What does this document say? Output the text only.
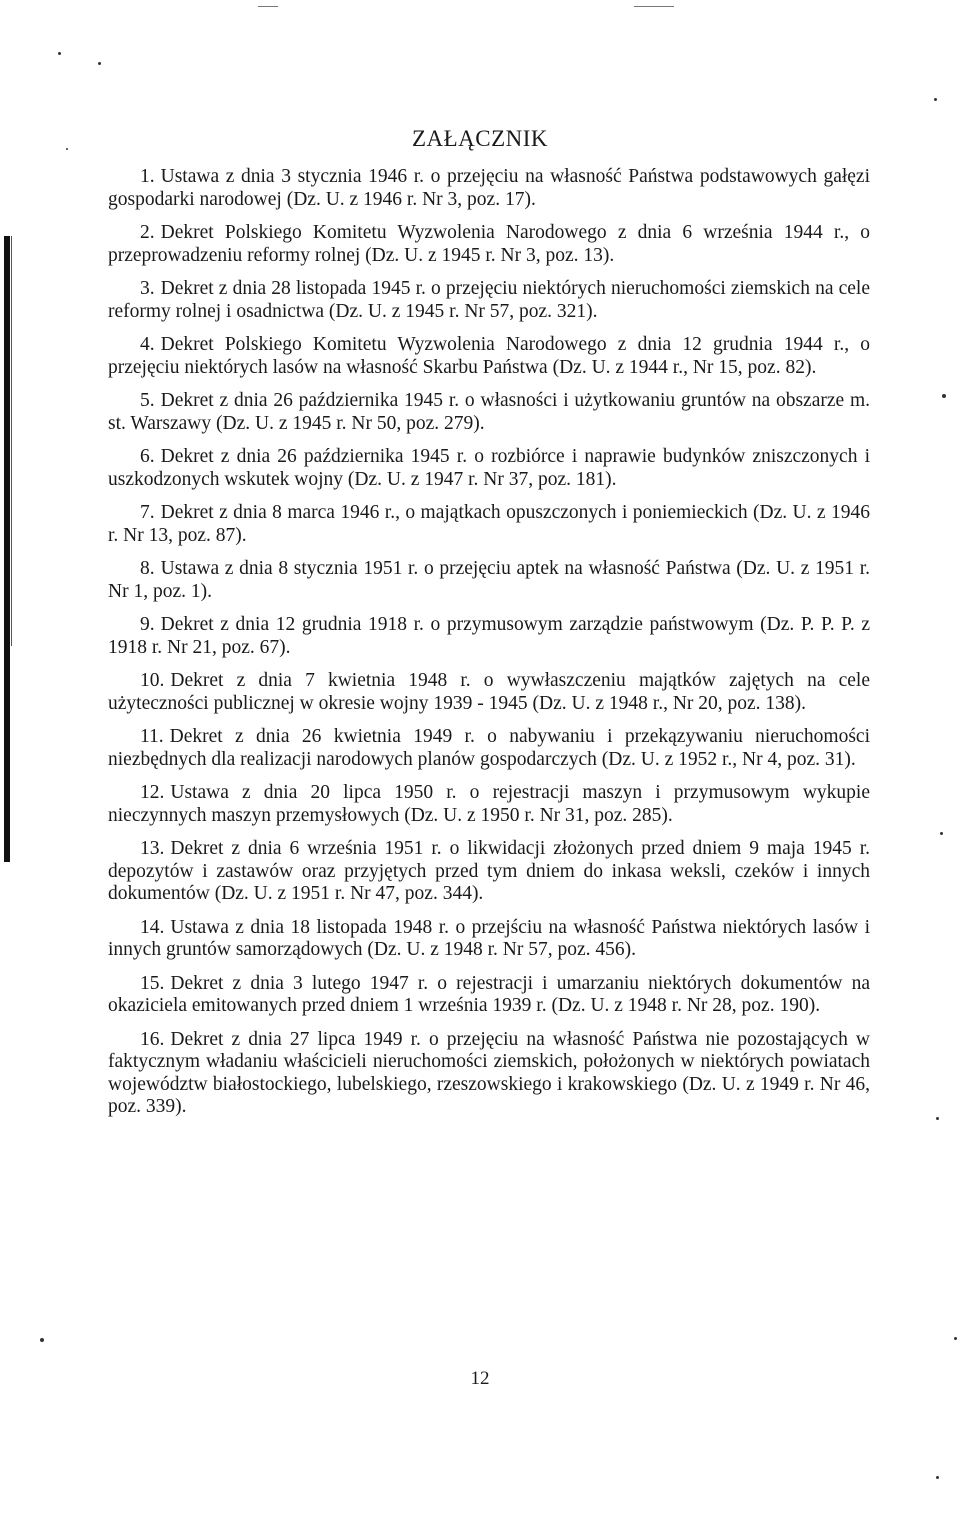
ZAŁĄCZNIK

1. Ustawa z dnia 3 stycznia 1946 r. o przejęciu na własność Państwa podstawowych gałęzi gospodarki narodowej (Dz. U. z 1946 r. Nr 3, poz. 17).

2. Dekret Polskiego Komitetu Wyzwolenia Narodowego z dnia 6 września 1944 r., o przeprowadzeniu reformy rolnej (Dz. U. z 1945 r. Nr 3, poz. 13).

3. Dekret z dnia 28 listopada 1945 r. o przejęciu niektórych nieruchomości ziemskich na cele reformy rolnej i osadnictwa (Dz. U. z 1945 r. Nr 57, poz. 321).

4. Dekret Polskiego Komitetu Wyzwolenia Narodowego z dnia 12 grudnia 1944 r., o przejęciu niektórych lasów na własność Skarbu Państwa (Dz. U. z 1944 r., Nr 15, poz. 82).

5. Dekret z dnia 26 października 1945 r. o własności i użytkowaniu gruntów na obszarze m. st. Warszawy (Dz. U. z 1945 r. Nr 50, poz. 279).

6. Dekret z dnia 26 października 1945 r. o rozbiórce i naprawie budynków zniszczonych i uszkodzonych wskutek wojny (Dz. U. z 1947 r. Nr 37, poz. 181).

7. Dekret z dnia 8 marca 1946 r., o majątkach opuszczonych i poniemieckich (Dz. U. z 1946 r. Nr 13, poz. 87).

8. Ustawa z dnia 8 stycznia 1951 r. o przejęciu aptek na własność Państwa (Dz. U. z 1951 r. Nr 1, poz. 1).

9. Dekret z dnia 12 grudnia 1918 r. o przymusowym zarządzie państwowym (Dz. P. P. P. z 1918 r. Nr 21, poz. 67).

10. Dekret z dnia 7 kwietnia 1948 r. o wywłaszczeniu majątków zajętych na cele użyteczności publicznej w okresie wojny 1939 - 1945 (Dz. U. z 1948 r., Nr 20, poz. 138).

11. Dekret z dnia 26 kwietnia 1949 r. o nabywaniu i przekązywaniu nieruchomości niezbędnych dla realizacji narodowych planów gospodarczych (Dz. U. z 1952 r., Nr 4, poz. 31).

12. Ustawa z dnia 20 lipca 1950 r. o rejestracji maszyn i przymusowym wykupie nieczynnych maszyn przemysłowych (Dz. U. z 1950 r. Nr 31, poz. 285).

13. Dekret z dnia 6 września 1951 r. o likwidacji złożonych przed dniem 9 maja 1945 r. depozytów i zastawów oraz przyjętych przed tym dniem do inkasa weksli, czeków i innych dokumentów (Dz. U. z 1951 r. Nr 47, poz. 344).

14. Ustawa z dnia 18 listopada 1948 r. o przejściu na własność Państwa niektórych lasów i innych gruntów samorządowych (Dz. U. z 1948 r. Nr 57, poz. 456).

15. Dekret z dnia 3 lutego 1947 r. o rejestracji i umarzaniu niektórych dokumentów na okaziciela emitowanych przed dniem 1 września 1939 r. (Dz. U. z 1948 r. Nr 28, poz. 190).

16. Dekret z dnia 27 lipca 1949 r. o przejęciu na własność Państwa nie pozostających w faktycznym władaniu właścicieli nieruchomości ziemskich, położonych w niektórych powiatach województw białostockiego, lubelskiego, rzeszowskiego i krakowskiego (Dz. U. z 1949 r. Nr 46, poz. 339).

12
